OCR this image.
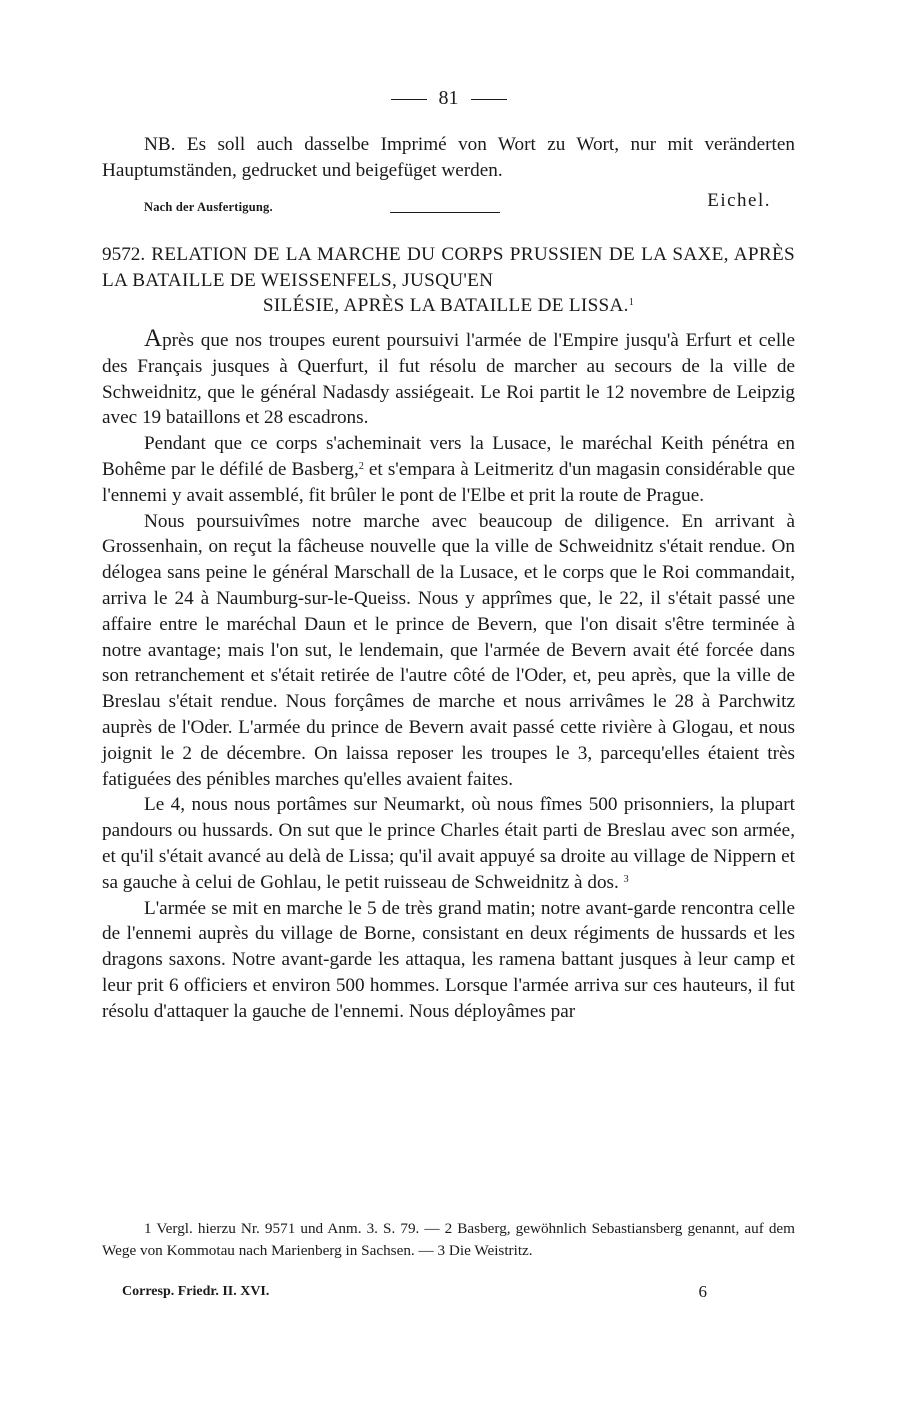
81

NB. Es soll auch dasselbe Imprimé von Wort zu Wort, nur mit veränderten Hauptumständen, gedrucket und beigefüget werden.

Nach der Ausfertigung.	Eichel.
9572. RELATION DE LA MARCHE DU CORPS PRUSSIEN DE LA SAXE, APRÈS LA BATAILLE DE WEISSENFELS, JUSQU'EN
SILÉSIE, APRÈS LA BATAILLE DE LISSA.$^1$

Après que nos troupes eurent poursuivi l'armée de l'Empire jusqu'à Erfurt et celle des Français jusques à Querfurt, il fut résolu de marcher au secours de la ville de Schweidnitz, que le général Nadasdy assiégeait. Le Roi partit le 12 novembre de Leipzig avec 19 bataillons et 28 escadrons.

Pendant que ce corps s'acheminait vers la Lusace, le maréchal Keith pénétra en Bohême par le défilé de Basberg,$^2$ et s'empara à Leitmeritz d'un magasin considérable que l'ennemi y avait assemblé, fit brûler le pont de l'Elbe et prit la route de Prague.

Nous poursuivîmes notre marche avec beaucoup de diligence. En arrivant à Grossenhain, on reçut la fâcheuse nouvelle que la ville de Schweidnitz s'était rendue. On délogea sans peine le général Marschall de la Lusace, et le corps que le Roi commandait, arriva le 24 à Naumburg-sur-le-Queiss. Nous y apprîmes que, le 22, il s'était passé une affaire entre le maréchal Daun et le prince de Bevern, que l'on disait s'être terminée à notre avantage; mais l'on sut, le lendemain, que l'armée de Bevern avait été forcée dans son retranchement et s'était retirée de l'autre côté de l'Oder, et, peu après, que la ville de Breslau s'était rendue. Nous forçâmes de marche et nous arrivâmes le 28 à Parchwitz auprès de l'Oder. L'armée du prince de Bevern avait passé cette rivière à Glogau, et nous joignit le 2 de décembre. On laissa reposer les troupes le 3, parcequ'elles étaient très fatiguées des pénibles marches qu'elles avaient faites.

Le 4, nous nous portâmes sur Neumarkt, où nous fîmes 500 prisonniers, la plupart pandours ou hussards. On sut que le prince Charles était parti de Breslau avec son armée, et qu'il s'était avancé au delà de Lissa; qu'il avait appuyé sa droite au village de Nippern et sa gauche à celui de Gohlau, le petit ruisseau de Schweidnitz à dos. $^3$

L'armée se mit en marche le 5 de très grand matin; notre avant-garde rencontra celle de l'ennemi auprès du village de Borne, consistant en deux régiments de hussards et les dragons saxons. Notre avant-garde les attaqua, les ramena battant jusques à leur camp et leur prit 6 officiers et environ 500 hommes. Lorsque l'armée arriva sur ces hauteurs, il fut résolu d'attaquer la gauche de l'ennemi. Nous déployâmes par

1 Vergl. hierzu Nr. 9571 und Anm. 3. S. 79. — 2 Basberg, gewöhnlich Sebastiansberg genannt, auf dem Wege von Kommotau nach Marienberg in Sachsen. — 3 Die Weistritz.

Corresp. Friedr. II. XVI.	6
